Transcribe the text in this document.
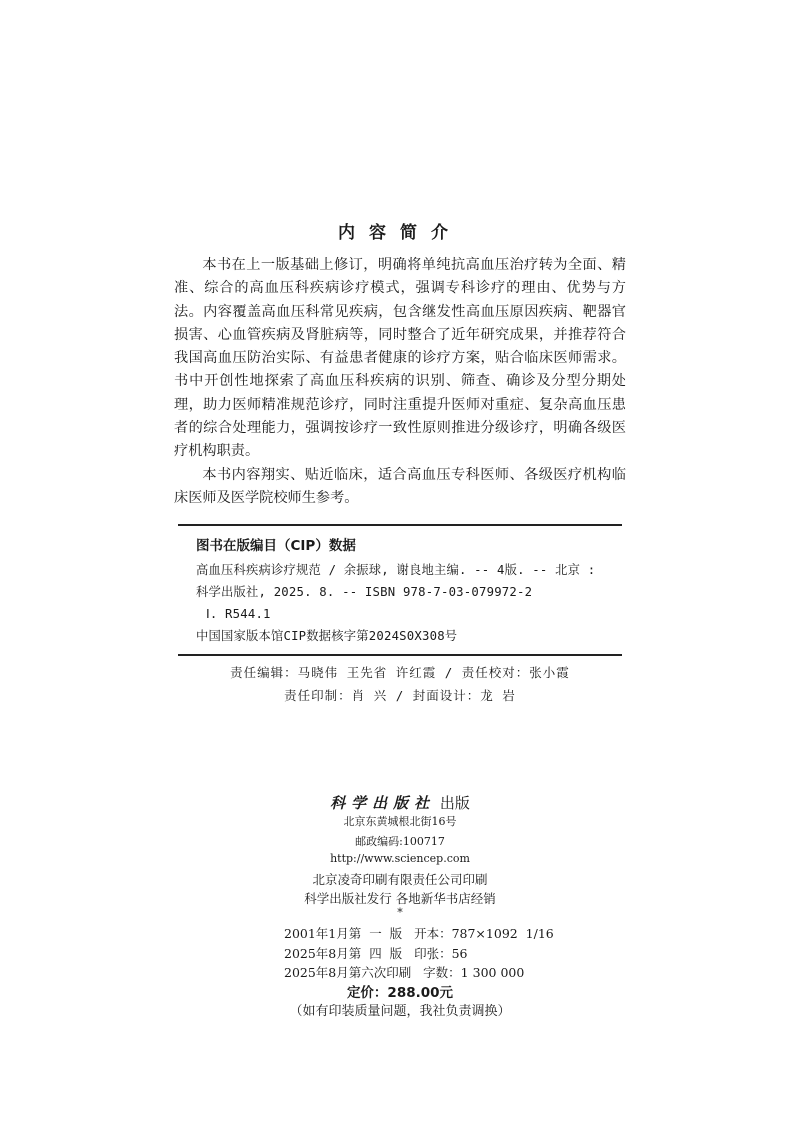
内容简介

本书在上一版基础上修订，明确将单纯抗高血压治疗转为全面、精准、综合的高血压科疾病诊疗模式，强调专科诊疗的理由、优势与方法。内容覆盖高血压科常见疾病，包含继发性高血压原因疾病、靶器官损害、心血管疾病及肾脏病等，同时整合了近年研究成果，并推荐符合我国高血压防治实际、有益患者健康的诊疗方案，贴合临床医师需求。书中开创性地探索了高血压科疾病的识别、筛查、确诊及分型分期处理，助力医师精准规范诊疗，同时注重提升医师对重症、复杂高血压患者的综合处理能力，强调按诊疗一致性原则推进分级诊疗，明确各级医疗机构职责。

本书内容翔实、贴近临床，适合高血压专科医师、各级医疗机构临床医师及医学院校师生参考。

图书在版编目（CIP）数据
高血压科疾病诊疗规范 / 余振球, 谢良地主编. -- 4版. -- 北京 :
科学出版社, 2025. 8. -- ISBN 978-7-03-079972-2
Ⅰ. R544.1
中国国家版本馆CIP数据核字第2024S0X308号
责任编辑：马晓伟 王先省 许红霞 / 责任校对：张小霞
责任印制：肖 兴 / 封面设计：龙 岩
科学出版社 出版
北京东黄城根北街16号
邮政编码:100717
http://www.sciencep.com
北京凌奇印刷有限责任公司印刷
科学出版社发行 各地新华书店经销
*
2001年1月第  一  版   开本：787×1092  1/16
2025年8月第  四  版   印张：56
2025年8月第六次印刷   字数：1 300 000
定价：288.00元
（如有印装质量问题，我社负责调换）
